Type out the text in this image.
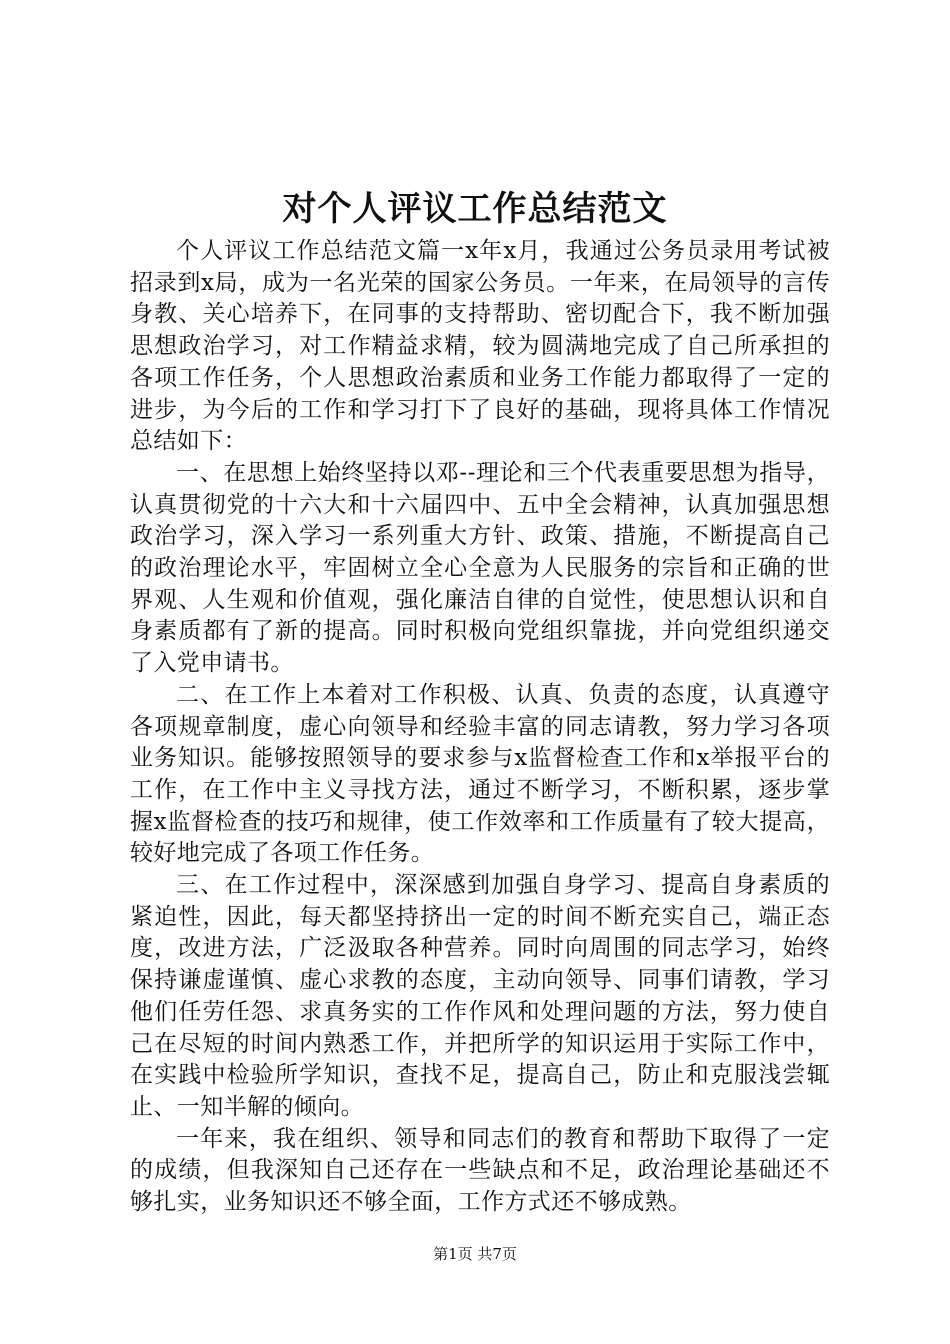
对个人评议工作总结范文

个人评议工作总结范文篇一x年x月，我通过公务员录用考试被招录到x局，成为一名光荣的国家公务员。一年来，在局领导的言传身教、关心培养下，在同事的支持帮助、密切配合下，我不断加强思想政治学习，对工作精益求精，较为圆满地完成了自己所承担的各项工作任务，个人思想政治素质和业务工作能力都取得了一定的进步，为今后的工作和学习打下了良好的基础，现将具体工作情况总结如下：

一、在思想上始终坚持以邓--理论和三个代表重要思想为指导，认真贯彻党的十六大和十六届四中、五中全会精神，认真加强思想政治学习，深入学习一系列重大方针、政策、措施，不断提高自己的政治理论水平，牢固树立全心全意为人民服务的宗旨和正确的世界观、人生观和价值观，强化廉洁自律的自觉性，使思想认识和自身素质都有了新的提高。同时积极向党组织靠拢，并向党组织递交了入党申请书。

二、在工作上本着对工作积极、认真、负责的态度，认真遵守各项规章制度，虚心向领导和经验丰富的同志请教，努力学习各项业务知识。能够按照领导的要求参与x监督检查工作和x举报平台的工作，在工作中主义寻找方法，通过不断学习，不断积累，逐步掌握x监督检查的技巧和规律，使工作效率和工作质量有了较大提高，较好地完成了各项工作任务。

三、在工作过程中，深深感到加强自身学习、提高自身素质的紧迫性，因此，每天都坚持挤出一定的时间不断充实自己，端正态度，改进方法，广泛汲取各种营养。同时向周围的同志学习，始终保持谦虚谨慎、虚心求教的态度，主动向领导、同事们请教，学习他们任劳任怨、求真务实的工作作风和处理问题的方法，努力使自己在尽短的时间内熟悉工作，并把所学的知识运用于实际工作中，在实践中检验所学知识，查找不足，提高自己，防止和克服浅尝辄止、一知半解的倾向。

一年来，我在组织、领导和同志们的教育和帮助下取得了一定的成绩，但我深知自己还存在一些缺点和不足，政治理论基础还不够扎实，业务知识还不够全面，工作方式还不够成熟。

第1页 共7页
